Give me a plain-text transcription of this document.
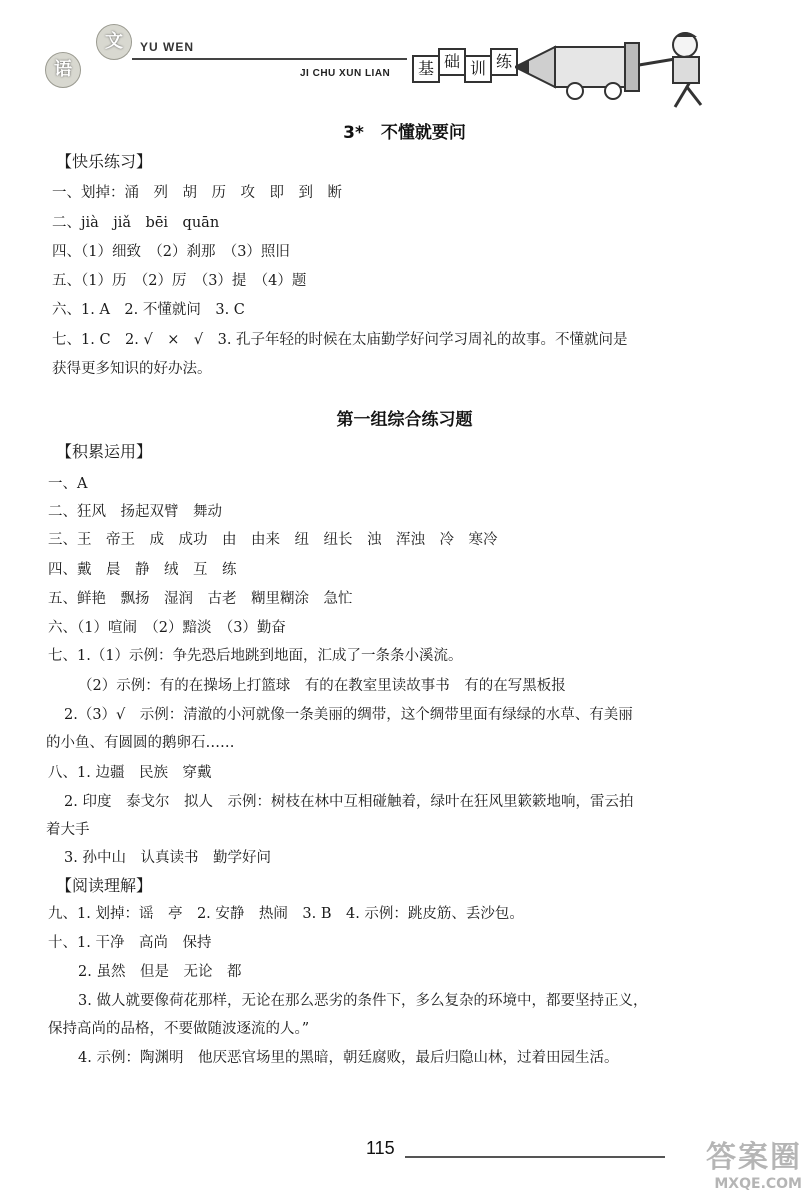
语
文	YU WEN
JI CHU XUN LIAN	基 础 训 练
3*　不懂就要问
【快乐练习】
一、划掉：涌　列　胡　历　攻　即　到　断
二、jià　jiǎ　bēi　quān
四、（1）细致　（2）刹那　（3）照旧
五、（1）历　（2）厉　（3）提　（4）题
六、1. A　2. 不懂就问　3. C
七、1. C　2. √　×　√　3. 孔子年轻的时候在太庙勤学好问学习周礼的故事。不懂就问是
获得更多知识的好办法。
第一组综合练习题
【积累运用】
一、A
二、狂风　扬起双臂　舞动
三、王　帝王　成　成功　由　由来　纽　纽长　浊　浑浊　冷　寒冷
四、戴　晨　静　绒　互　练
五、鲜艳　飘扬　湿润　古老　糊里糊涂　急忙
六、（1）喧闹　（2）黯淡　（3）勤奋
七、1.（1）示例：争先恐后地跳到地面，汇成了一条条小溪流。
（2）示例：有的在操场上打篮球　有的在教室里读故事书　有的在写黑板报
2.（3）√　示例：清澈的小河就像一条美丽的绸带，这个绸带里面有绿绿的水草、有美丽
的小鱼、有圆圆的鹅卵石……
八、1. 边疆　民族　穿戴
2. 印度　泰戈尔　拟人　示例：树枝在林中互相碰触着，绿叶在狂风里簌簌地响，雷云拍
着大手
3. 孙中山　认真读书　勤学好问
【阅读理解】
九、1. 划掉：谣　亭　2. 安静　热闹　3. B　4. 示例：跳皮筋、丢沙包。
十、1. 干净　高尚　保持
2. 虽然　但是　无论　都
3. 做人就要像荷花那样，无论在那么恶劣的条件下，多么复杂的环境中，都要坚持正义，
保持高尚的品格，不要做随波逐流的人。”
4. 示例：陶渊明　他厌恶官场里的黑暗，朝廷腐败，最后归隐山林，过着田园生活。
115	答案圈
MXQE.COM
